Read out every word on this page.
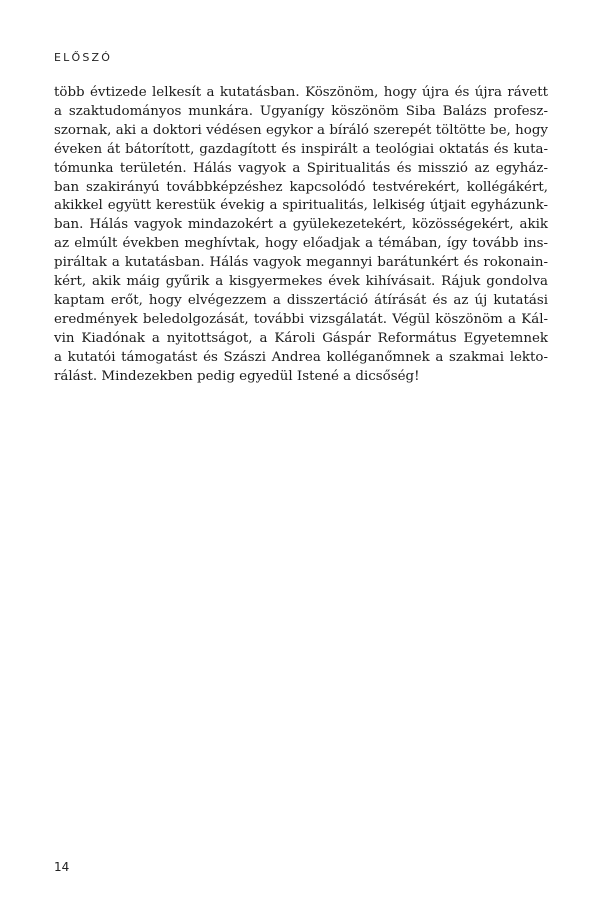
ELŐSZÓ
több évtizede lelkesít a kutatásban. Köszönöm, hogy újra és újra rávett
a szaktudományos munkára. Ugyanígy köszönöm Siba Balázs profesz-
szornak, aki a doktori védésen egykor a bíráló szerepét töltötte be, hogy
éveken át bátorított, gazdagított és inspirált a teológiai oktatás és kuta-
tómunka területén. Hálás vagyok a Spiritualitás és misszió az egyház-
ban szakirányú továbbképzéshez kapcsolódó testvérekért, kollégákért,
akikkel együtt kerestük évekig a spiritualitás, lelkiség útjait egyházunk-
ban. Hálás vagyok mindazokért a gyülekezetekért, közösségekért, akik
az elmúlt években meghívtak, hogy előadjak a témában, így tovább ins-
piráltak a kutatásban. Hálás vagyok megannyi barátunkért és rokonain-
kért, akik máig gyűrik a kisgyermekes évek kihívásait. Rájuk gondolva
kaptam erőt, hogy elvégezzem a disszertáció átírását és az új kutatási
eredmények beledolgozását, további vizsgálatát. Végül köszönöm a Kál-
vin Kiadónak a nyitottságot, a Károli Gáspár Református Egyetemnek
a kutatói támogatást és Szászi Andrea kolléganőmnek a szakmai lekto-
rálást. Mindezekben pedig egyedül Istené a dicsőség!
14
